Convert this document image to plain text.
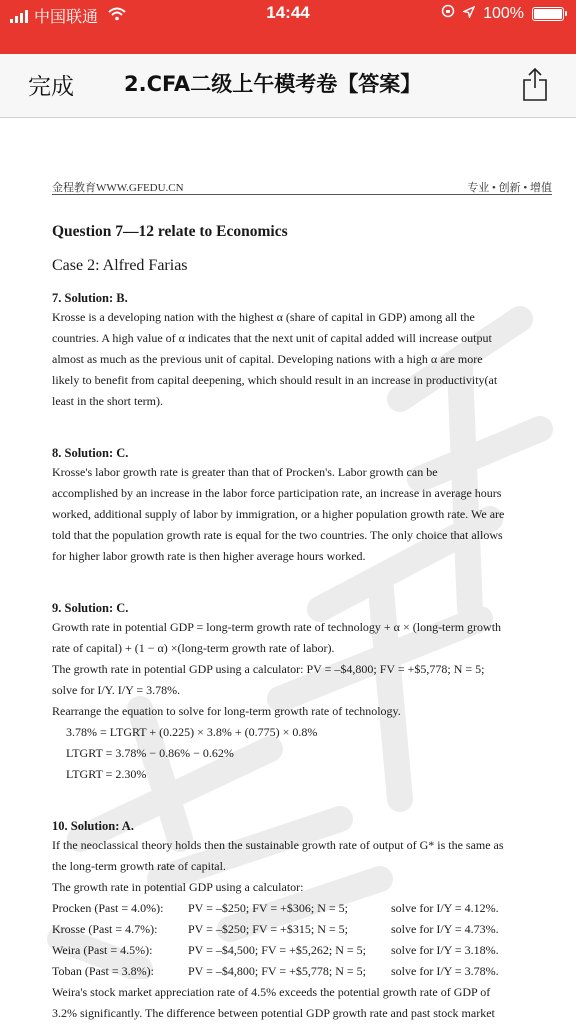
中国联通	14:44	100%
完成 2.CFA二级上午模考卷【答案】
金程教育WWW.GFEDU.CN	专业 • 创新 • 增值
Question 7—12 relate to Economics
Case 2: Alfred Farias
7. Solution: B.

Krosse is a developing nation with the highest α (share of capital in GDP) among all the

countries. A high value of α indicates that the next unit of capital added will increase output

almost as much as the previous unit of capital. Developing nations with a high α are more

likely to benefit from capital deepening, which should result in an increase in productivity(at

least in the short term).

8. Solution: C.

Krosse's labor growth rate is greater than that of Procken's. Labor growth can be

accomplished by an increase in the labor force participation rate, an increase in average hours

worked, additional supply of labor by immigration, or a higher population growth rate. We are

told that the population growth rate is equal for the two countries. The only choice that allows

for higher labor growth rate is then higher average hours worked.

9. Solution: C.

Growth rate in potential GDP = long-term growth rate of technology + α × (long-term growth

rate of capital) + (1 − α) ×(long-term growth rate of labor).

The growth rate in potential GDP using a calculator: PV = –$4,800; FV = +$5,778; N = 5;

solve for I/Y. I/Y = 3.78%.

Rearrange the equation to solve for long-term growth rate of technology.

3.78% = LTGRT + (0.225) × 3.8% + (0.775) × 0.8%

LTGRT = 3.78% − 0.86% − 0.62%

LTGRT = 2.30%

10. Solution: A.

If the neoclassical theory holds then the sustainable growth rate of output of G* is the same as

the long-term growth rate of capital.

The growth rate in potential GDP using a calculator:

Procken (Past = 4.0%):	PV = –$250; FV = +$306; N = 5;	solve for I/Y = 4.12%.

Krosse (Past = 4.7%):	PV = –$250; FV = +$315; N = 5;	solve for I/Y = 4.73%.

Weira (Past = 4.5%):	PV = –$4,500; FV = +$5,262; N = 5;	solve for I/Y = 3.18%.

Toban (Past = 3.8%):	PV = –$4,800; FV = +$5,778; N = 5;	solve for I/Y = 3.78%.

Weira's stock market appreciation rate of 4.5% exceeds the potential growth rate of GDP of

3.2% significantly. The difference between potential GDP growth rate and past stock market
